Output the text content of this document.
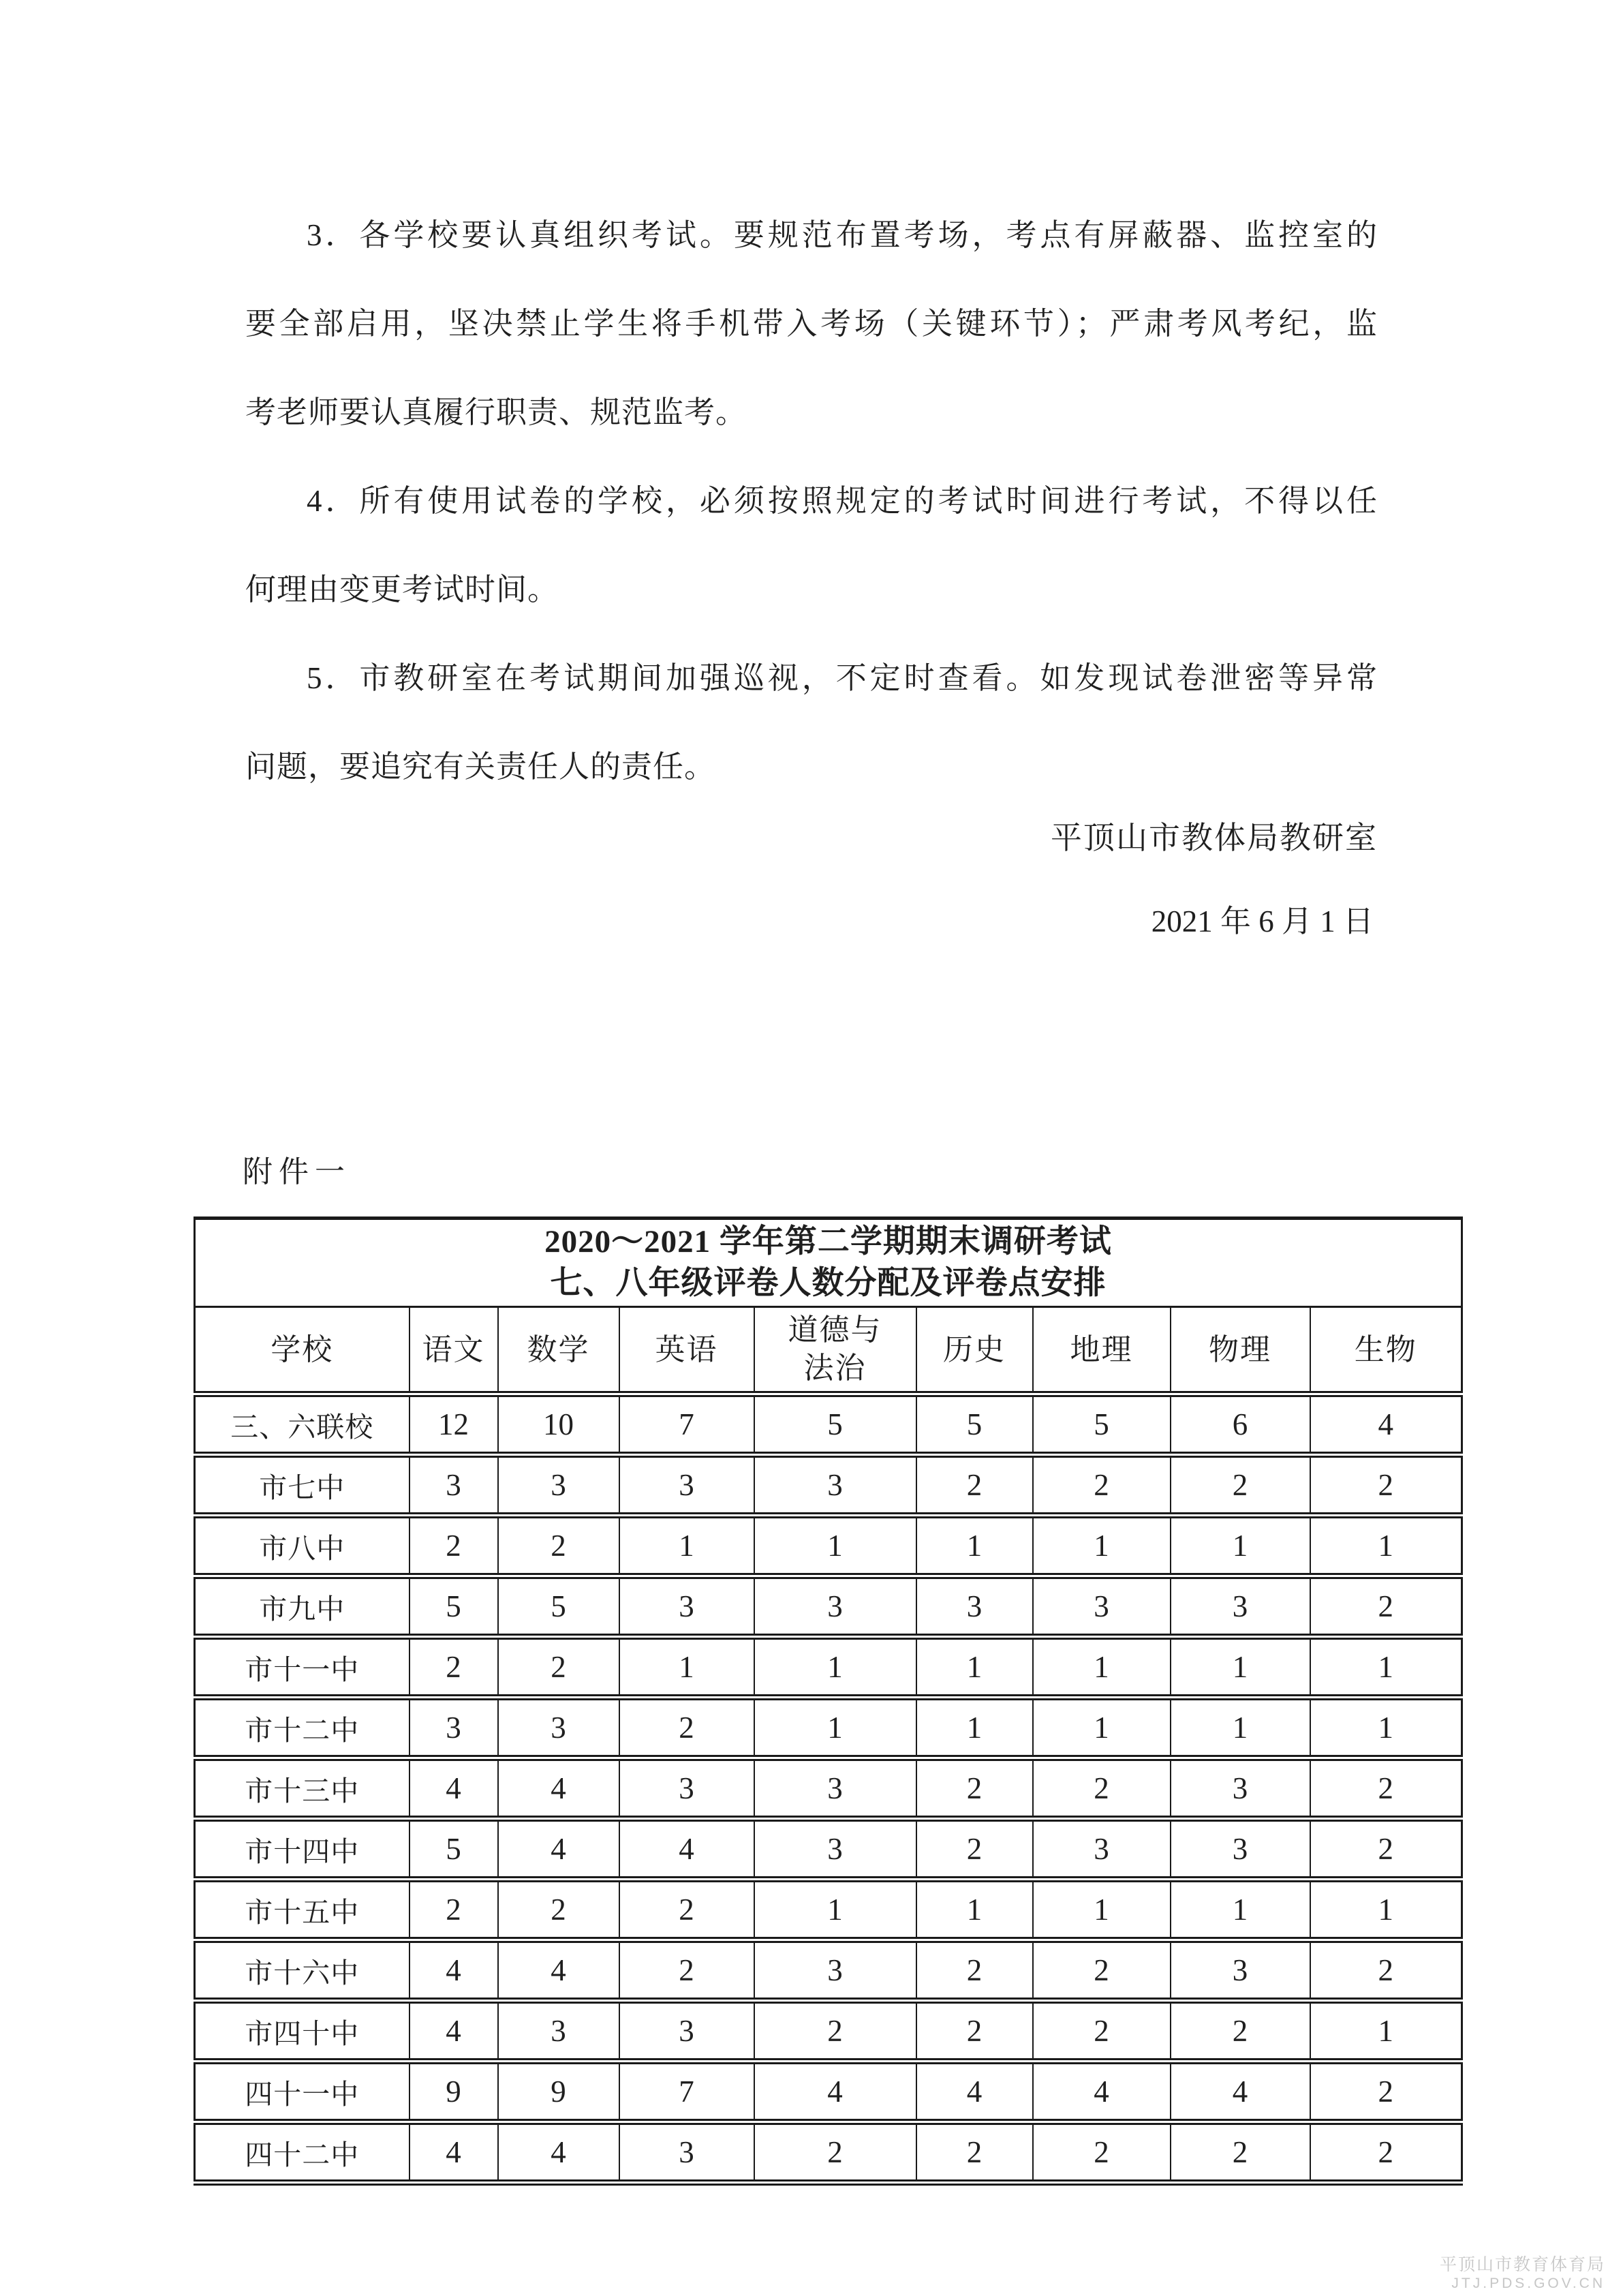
3．各学校要认真组织考试。要规范布置考场，考点有屏蔽器、监控室的
要全部启用，坚决禁止学生将手机带入考场（关键环节）；严肃考风考纪，监
考老师要认真履行职责、规范监考。
4．所有使用试卷的学校，必须按照规定的考试时间进行考试，不得以任
何理由变更考试时间。
5．市教研室在考试期间加强巡视，不定时查看。如发现试卷泄密等异常
问题，要追究有关责任人的责任。
平顶山市教体局教研室
2021 年 6 月 1 日
附件一
2020～2021 学年第二学期期末调研考试
七、八年级评卷人数分配及评卷点安排								

学校	语文	数学	英语	道德与法治	历史	地理	物理	生物
三、六联校	12	10	7	5	5	5	6	4
市七中	3	3	3	3	2	2	2	2
市八中	2	2	1	1	1	1	1	1
市九中	5	5	3	3	3	3	3	2
市十一中	2	2	1	1	1	1	1	1
市十二中	3	3	2	1	1	1	1	1
市十三中	4	4	3	3	2	2	3	2
市十四中	5	4	4	3	2	3	3	2
市十五中	2	2	2	1	1	1	1	1
市十六中	4	4	2	3	2	2	3	2
市四十中	4	3	3	2	2	2	2	1
四十一中	9	9	7	4	4	4	4	2
四十二中	4	4	3	2	2	2	2	2
平顶山市教育体育局
JTJ.PDS.GOV.CN
